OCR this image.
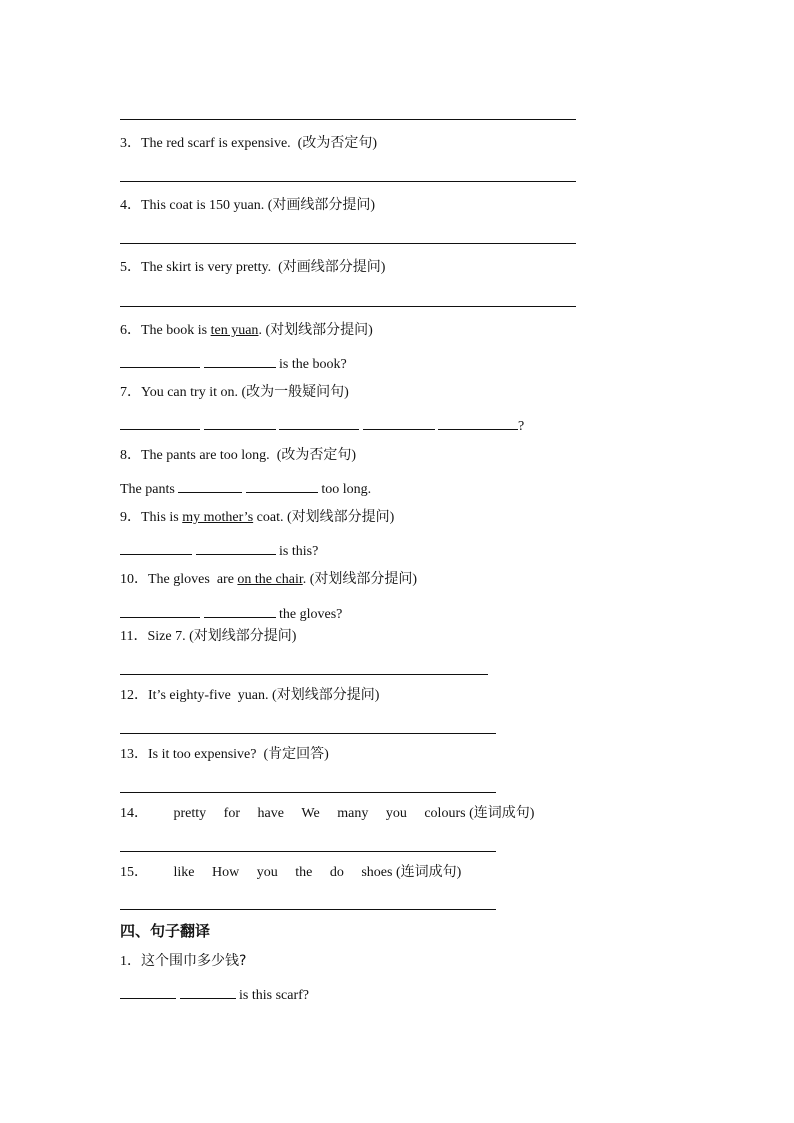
3．The red scarf is expensive. (改为否定句)
4．This coat is 150 yuan. (对画线部分提问)
5．The skirt is very pretty. (对画线部分提问)
6．The book is ten yuan. (对划线部分提问)
is the book?
7．You can try it on. (改为一般疑问句)
?
8．The pants are too long. (改为否定句)
The pants	too long.
9．This is my mother’s coat. (对划线部分提问)
is this?
10．The gloves  are on the chair. (对划线部分提问)
the gloves?
11．Size 7. (对划线部分提问)
12．It’s eighty-five  yuan. (对划线部分提问)
13．Is it too expensive? (肯定回答)
14． pretty for have We many you colours (连词成句)
15． like How you the do shoes (连词成句)
四、句子翻译
1．这个围巾多少钱?
is this scarf?
